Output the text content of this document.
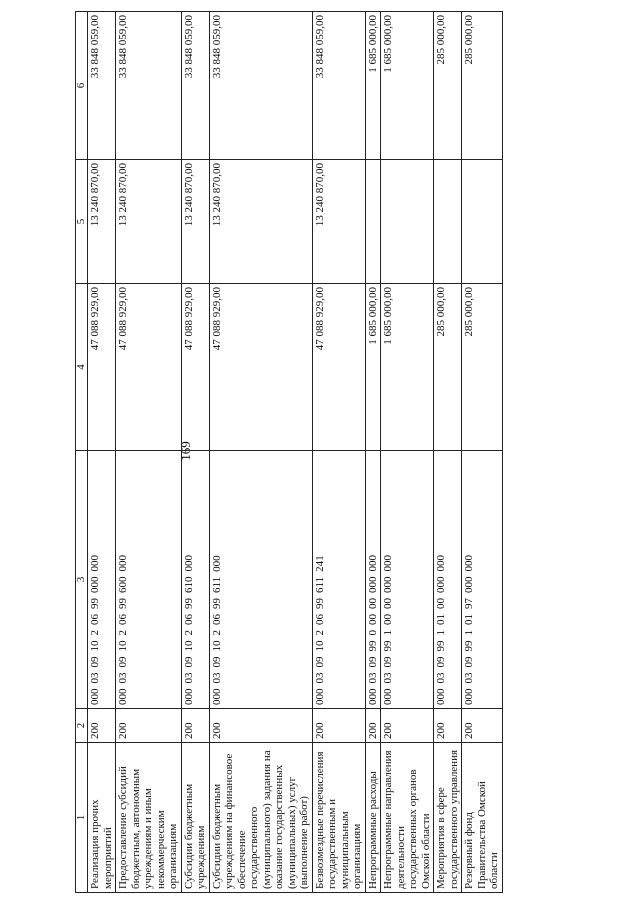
169
1	2	3	4	5	6
Реализация прочих мероприятий	200	00003091020699000000	47 088 929,00	13 240 870,00	33 848 059,00
Предоставление субсидий бюджетным, автономным учреждениям и иным некоммерческим организациям	200	00003091020699600000	47 088 929,00	13 240 870,00	33 848 059,00
Субсидии бюджетным учреждениям	200	00003091020699610000	47 088 929,00	13 240 870,00	33 848 059,00
Субсидии бюджетным учреждениям на финансовое обеспечение государственного (муниципального) задания на оказание государственных (муниципальных) услуг (выполнение работ)	200	00003091020699611000	47 088 929,00	13 240 870,00	33 848 059,00
Безвозмездные перечисления государственным и муниципальным организациям	200	00003091020699611241	47 088 929,00	13 240 870,00	33 848 059,00
Непрограммные расходы	200	00003099900000000000	1 685 000,00		1 685 000,00
Непрограммные направления деятельности государственных органов Омской области	200	00003099910000000000	1 685 000,00		1 685 000,00
Мероприятия в сфере государственного управления	200	00003099910100000000	285 000,00		285 000,00
Резервный фонд Правительства Омской области	200	00003099910197000000	285 000,00		285 000,00
